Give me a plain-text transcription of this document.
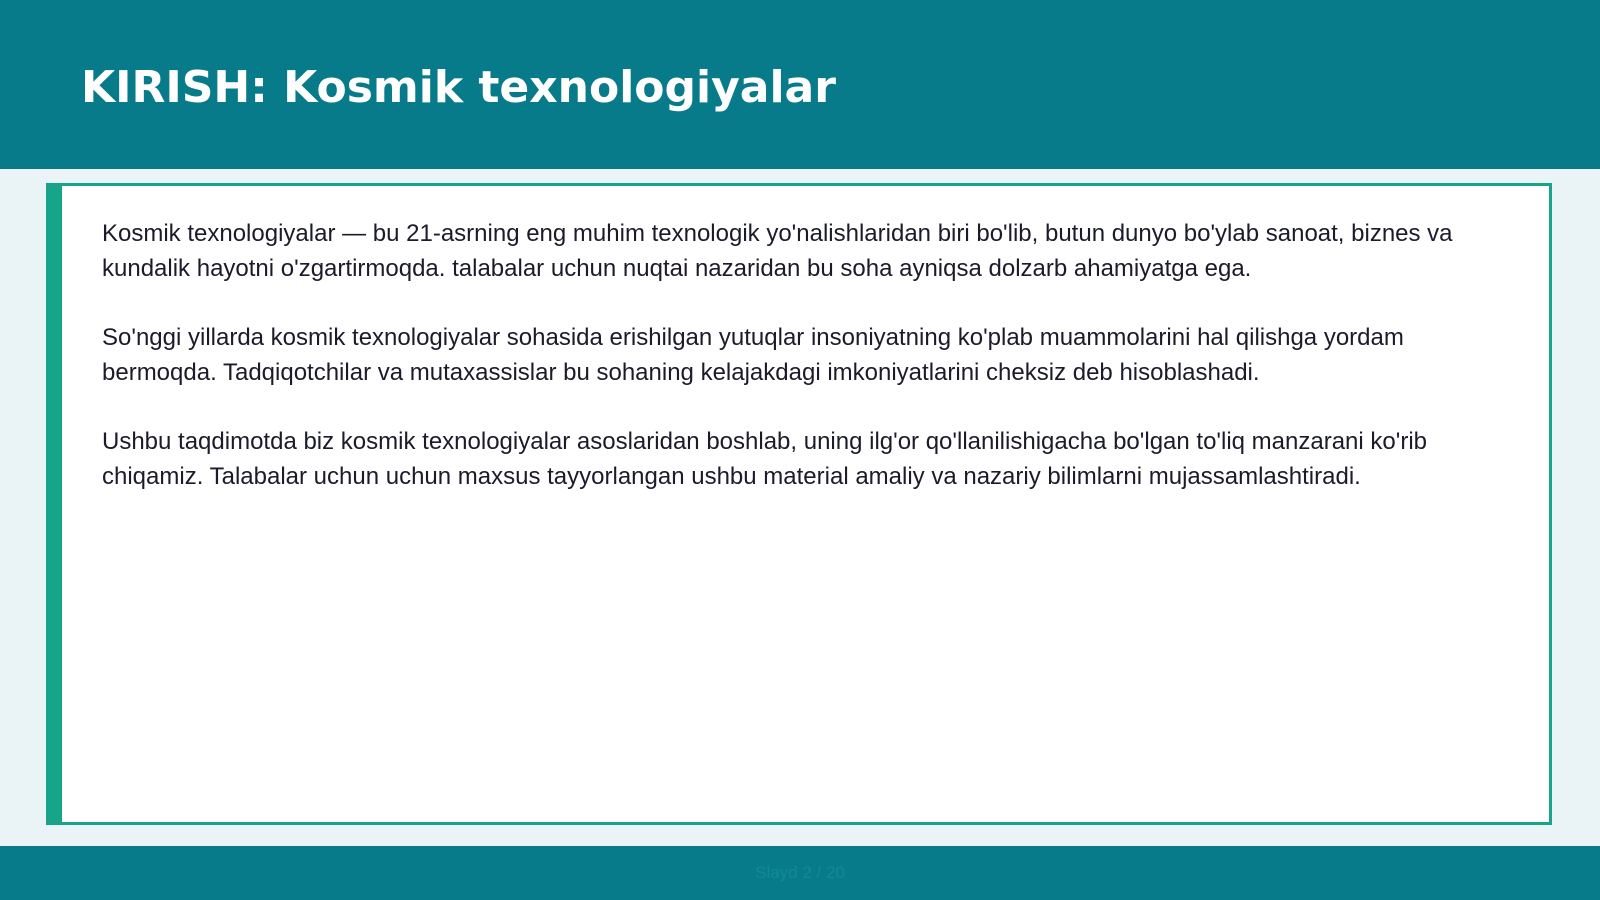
KIRISH: Kosmik texnologiyalar

Kosmik texnologiyalar — bu 21-asrning eng muhim texnologik yo'nalishlaridan biri bo'lib, butun dunyo bo'ylab sanoat, biznes va kundalik hayotni o'zgartirmoqda. talabalar uchun nuqtai nazaridan bu soha ayniqsa dolzarb ahamiyatga ega.

So'nggi yillarda kosmik texnologiyalar sohasida erishilgan yutuqlar insoniyatning ko'plab muammolarini hal qilishga yordam bermoqda. Tadqiqotchilar va mutaxassislar bu sohaning kelajakdagi imkoniyatlarini cheksiz deb hisoblashadi.

Ushbu taqdimotda biz kosmik texnologiyalar asoslaridan boshlab, uning ilg'or qo'llanilishigacha bo'lgan to'liq manzarani ko'rib chiqamiz. Talabalar uchun uchun maxsus tayyorlangan ushbu material amaliy va nazariy bilimlarni mujassamlashtiradi.

Slayd 2 / 20
